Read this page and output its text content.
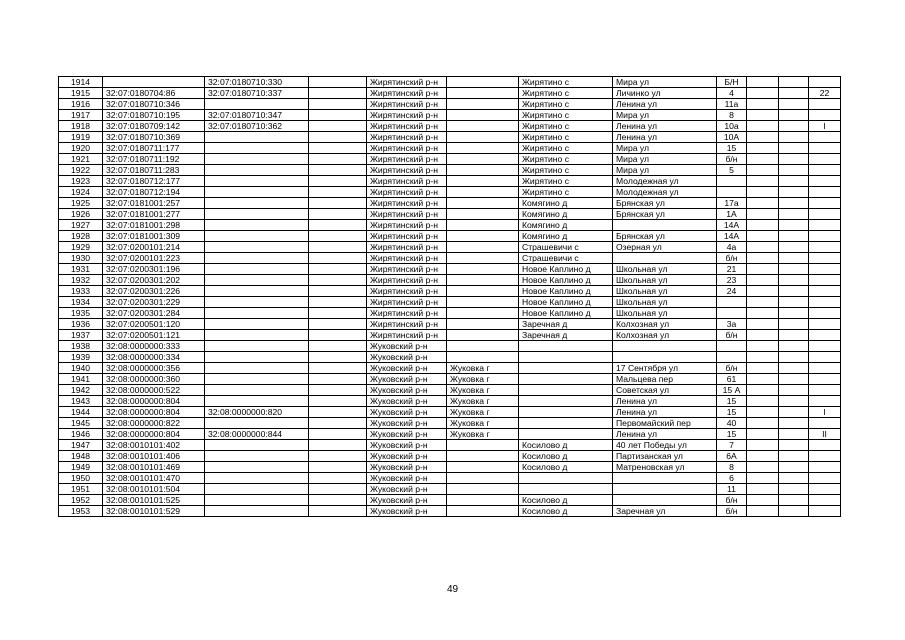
1914		32:07:0180710:330		Жирятинский р-н		Жирятино с	Мира ул	Б/Н			
1915	32:07:0180704:86	32:07:0180710:337		Жирятинский р-н		Жирятино с	Личинко ул	4			22
1916	32:07:0180710:346			Жирятинский р-н		Жирятино с	Ленина ул	11а			
1917	32:07:0180710:195	32:07:0180710:347		Жирятинский р-н		Жирятино с	Мира ул	8			
1918	32:07:0180709:142	32:07:0180710:362		Жирятинский р-н		Жирятино с	Ленина ул	10а			I
1919	32:07:0180710:369			Жирятинский р-н		Жирятино с	Ленина ул	10А			
1920	32:07:0180711:177			Жирятинский р-н		Жирятино с	Мира ул	15			
1921	32:07:0180711:192			Жирятинский р-н		Жирятино с	Мира ул	б/н			
1922	32:07:0180711:283			Жирятинский р-н		Жирятино с	Мира ул	5			
1923	32:07:0180712:177			Жирятинский р-н		Жирятино с	Молодежная ул				
1924	32:07:0180712:194			Жирятинский р-н		Жирятино с	Молодежная ул				
1925	32:07:0181001:257			Жирятинский р-н		Комягино д	Брянская ул	17а			
1926	32:07:0181001:277			Жирятинский р-н		Комягино д	Брянская ул	1А			
1927	32:07:0181001:298			Жирятинский р-н		Комягино д		14А			
1928	32:07:0181001:309			Жирятинский р-н		Комягино д	Брянская ул	14А			
1929	32:07:0200101:214			Жирятинский р-н		Страшевичи с	Озерная ул	4а			
1930	32:07:0200101:223			Жирятинский р-н		Страшевичи с		б/н			
1931	32:07:0200301:196			Жирятинский р-н		Новое Каплино д	Школьная ул	21			
1932	32:07:0200301:202			Жирятинский р-н		Новое Каплино д	Школьная ул	23			
1933	32:07:0200301:226			Жирятинский р-н		Новое Каплино д	Школьная ул	24			
1934	32:07:0200301:229			Жирятинский р-н		Новое Каплино д	Школьная ул				
1935	32:07:0200301:284			Жирятинский р-н		Новое Каплино д	Школьная ул				
1936	32:07:0200501:120			Жирятинский р-н		Заречная д	Колхозная ул	3а			
1937	32:07:0200501:121			Жирятинский р-н		Заречная д	Колхозная ул	б/н			
1938	32:08:0000000:333			Жуковский р-н							
1939	32:08:0000000:334			Жуковский р-н							
1940	32:08:0000000:356			Жуковский р-н	Жуковка г		17 Сентября ул	б/н			
1941	32:08:0000000:360			Жуковский р-н	Жуковка г		Мальцева пер	61			
1942	32:08:0000000:522			Жуковский р-н	Жуковка г		Советская ул	15 А			
1943	32:08:0000000:804			Жуковский р-н	Жуковка г		Ленина ул	15			
1944	32:08:0000000:804	32:08:0000000:820		Жуковский р-н	Жуковка г		Ленина ул	15			I
1945	32:08:0000000:822			Жуковский р-н	Жуковка г		Первомайский пер	40			
1946	32:08:0000000:804	32:08:0000000:844		Жуковский р-н	Жуковка г		Ленина ул	15			II
1947	32:08:0010101:402			Жуковский р-н		Косилово д	40 лет Победы ул	7			
1948	32:08:0010101:406			Жуковский р-н		Косилово д	Партизанская ул	6А			
1949	32:08:0010101:469			Жуковский р-н		Косилово д	Матреновская ул	8			
1950	32:08:0010101:470			Жуковский р-н				6			
1951	32:08:0010101:504			Жуковский р-н				11			
1952	32:08:0010101:525			Жуковский р-н		Косилово д		б/н			
1953	32:08:0010101:529			Жуковский р-н		Косилово д	Заречная ул	б/н			
49
